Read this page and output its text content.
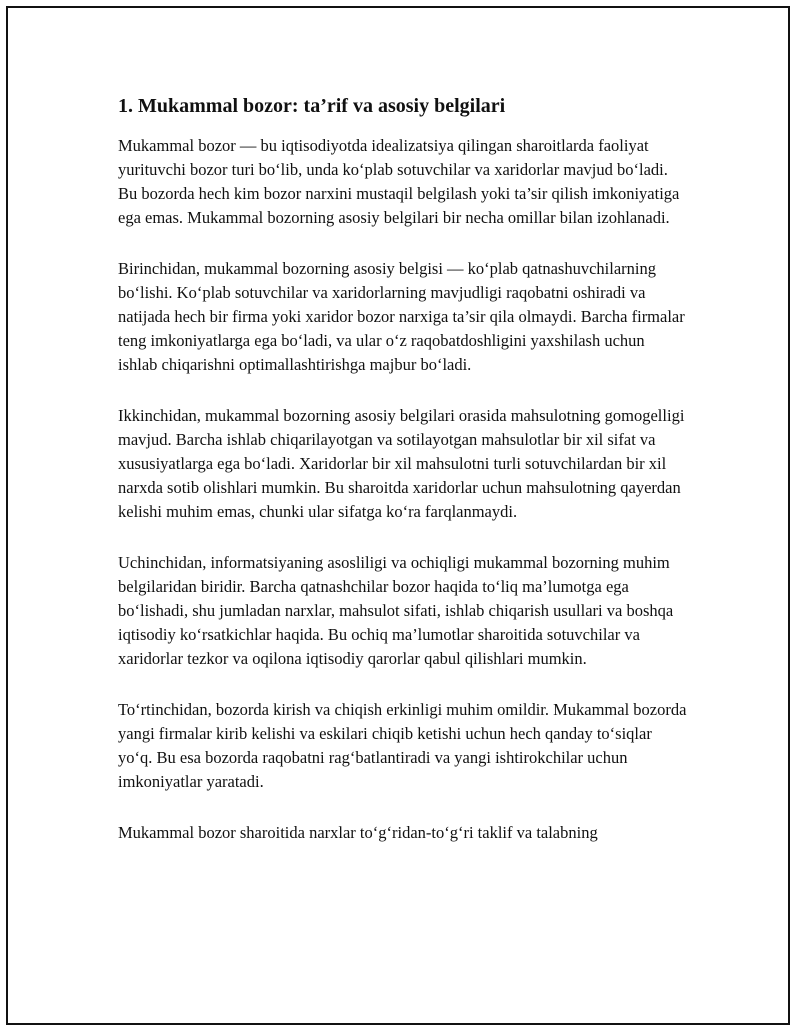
1. Mukammal bozor: ta’rif va asosiy belgilari

Mukammal bozor — bu iqtisodiyotda idealizatsiya qilingan sharoitlarda faoliyat yurituvchi bozor turi boʻlib, unda koʻplab sotuvchilar va xaridorlar mavjud boʻladi. Bu bozorda hech kim bozor narxini mustaqil belgilash yoki ta’sir qilish imkoniyatiga ega emas. Mukammal bozorning asosiy belgilari bir necha omillar bilan izohlanadi.

Birinchidan, mukammal bozorning asosiy belgisi — koʻplab qatnashuvchilarning boʻlishi. Koʻplab sotuvchilar va xaridorlarning mavjudligi raqobatni oshiradi va natijada hech bir firma yoki xaridor bozor narxiga ta’sir qila olmaydi. Barcha firmalar teng imkoniyatlarga ega boʻladi, va ular oʻz raqobatdoshligini yaxshilash uchun ishlab chiqarishni optimallashtirishga majbur boʻladi.

Ikkinchidan, mukammal bozorning asosiy belgilari orasida mahsulotning gomogelligi mavjud. Barcha ishlab chiqarilayotgan va sotilayotgan mahsulotlar bir xil sifat va xususiyatlarga ega boʻladi. Xaridorlar bir xil mahsulotni turli sotuvchilardan bir xil narxda sotib olishlari mumkin. Bu sharoitda xaridorlar uchun mahsulotning qayerdan kelishi muhim emas, chunki ular sifatga koʻra farqlanmaydi.

Uchinchidan, informatsiyaning asosliligi va ochiqligi mukammal bozorning muhim belgilaridan biridir. Barcha qatnashchilar bozor haqida toʻliq ma’lumotga ega boʻlishadi, shu jumladan narxlar, mahsulot sifati, ishlab chiqarish usullari va boshqa iqtisodiy koʻrsatkichlar haqida. Bu ochiq ma’lumotlar sharoitida sotuvchilar va xaridorlar tezkor va oqilona iqtisodiy qarorlar qabul qilishlari mumkin.

Toʻrtinchidan, bozorda kirish va chiqish erkinligi muhim omildir. Mukammal bozorda yangi firmalar kirib kelishi va eskilari chiqib ketishi uchun hech qanday toʻsiqlar yoʻq. Bu esa bozorda raqobatni ragʻbatlantiradi va yangi ishtirokchilar uchun imkoniyatlar yaratadi.

Mukammal bozor sharoitida narxlar toʻgʻridan-toʻgʻri taklif va talabning
